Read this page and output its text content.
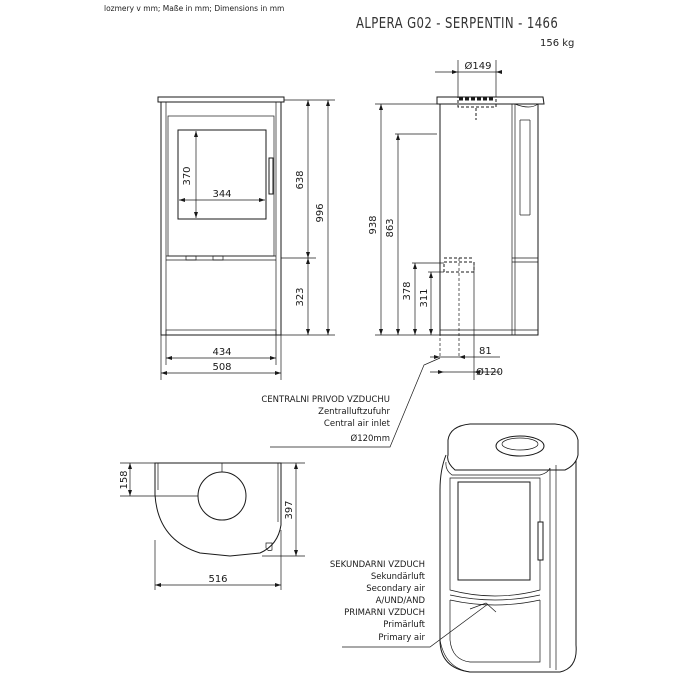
lozmery v mm; Maße in mm; Dimensions in mm
ALPERA G02 - SERPENTIN - 1466
156 kg
370
344
638
323
996
434
508
Ø149
938 863
378 311
81
Ø120
CENTRALNI PRIVOD VZDUCHU
Zentralluftzufuhr
Central air inlet
Ø120mm
158
397
516
SEKUNDARNI VZDUCH
Sekundärluft
Secondary air
A/UND/AND
PRIMARNI VZDUCH
Primärluft
Primary air
